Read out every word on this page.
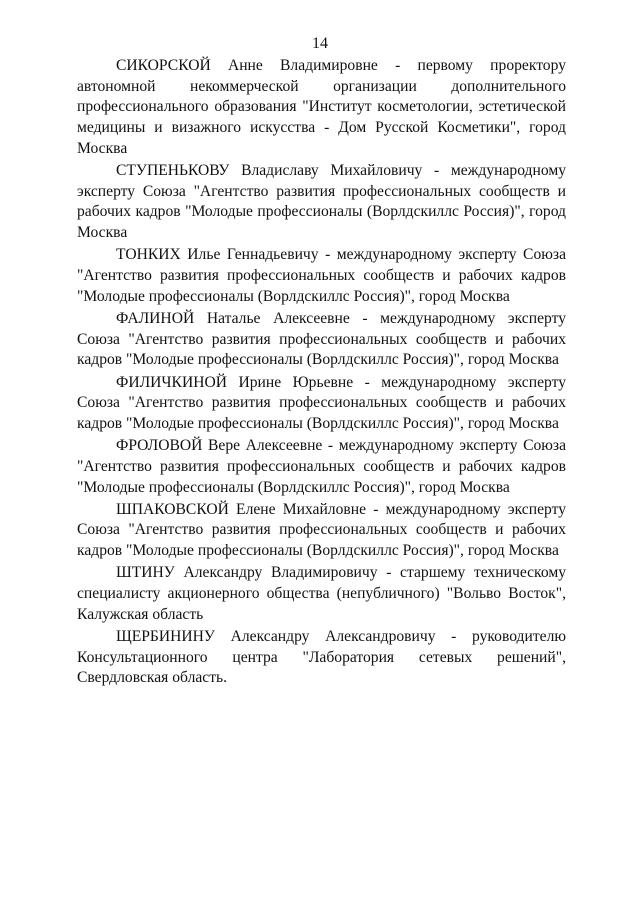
14

СИКОРСКОЙ Анне Владимировне - первому проректору автономной некоммерческой организации дополнительного профессионального образования "Институт косметологии, эстетической медицины и визажного искусства - Дом Русской Косметики", город Москва

СТУПЕНЬКОВУ Владиславу Михайловичу - международному эксперту Союза "Агентство развития профессиональных сообществ и рабочих кадров "Молодые профессионалы (Ворлдскиллс Россия)", город Москва

ТОНКИХ Илье Геннадьевичу - международному эксперту Союза "Агентство развития профессиональных сообществ и рабочих кадров "Молодые профессионалы (Ворлдскиллс Россия)", город Москва

ФАЛИНОЙ Наталье Алексеевне - международному эксперту Союза "Агентство развития профессиональных сообществ и рабочих кадров "Молодые профессионалы (Ворлдскиллс Россия)", город Москва

ФИЛИЧКИНОЙ Ирине Юрьевне - международному эксперту Союза "Агентство развития профессиональных сообществ и рабочих кадров "Молодые профессионалы (Ворлдскиллс Россия)", город Москва

ФРОЛОВОЙ Вере Алексеевне - международному эксперту Союза "Агентство развития профессиональных сообществ и рабочих кадров "Молодые профессионалы (Ворлдскиллс Россия)", город Москва

ШПАКОВСКОЙ Елене Михайловне - международному эксперту Союза "Агентство развития профессиональных сообществ и рабочих кадров "Молодые профессионалы (Ворлдскиллс Россия)", город Москва

ШТИНУ Александру Владимировичу - старшему техническому специалисту акционерного общества (непубличного) "Вольво Восток", Калужская область

ЩЕРБИНИНУ Александру Александровичу - руководителю Консультационного центра "Лаборатория сетевых решений", Свердловская область.
